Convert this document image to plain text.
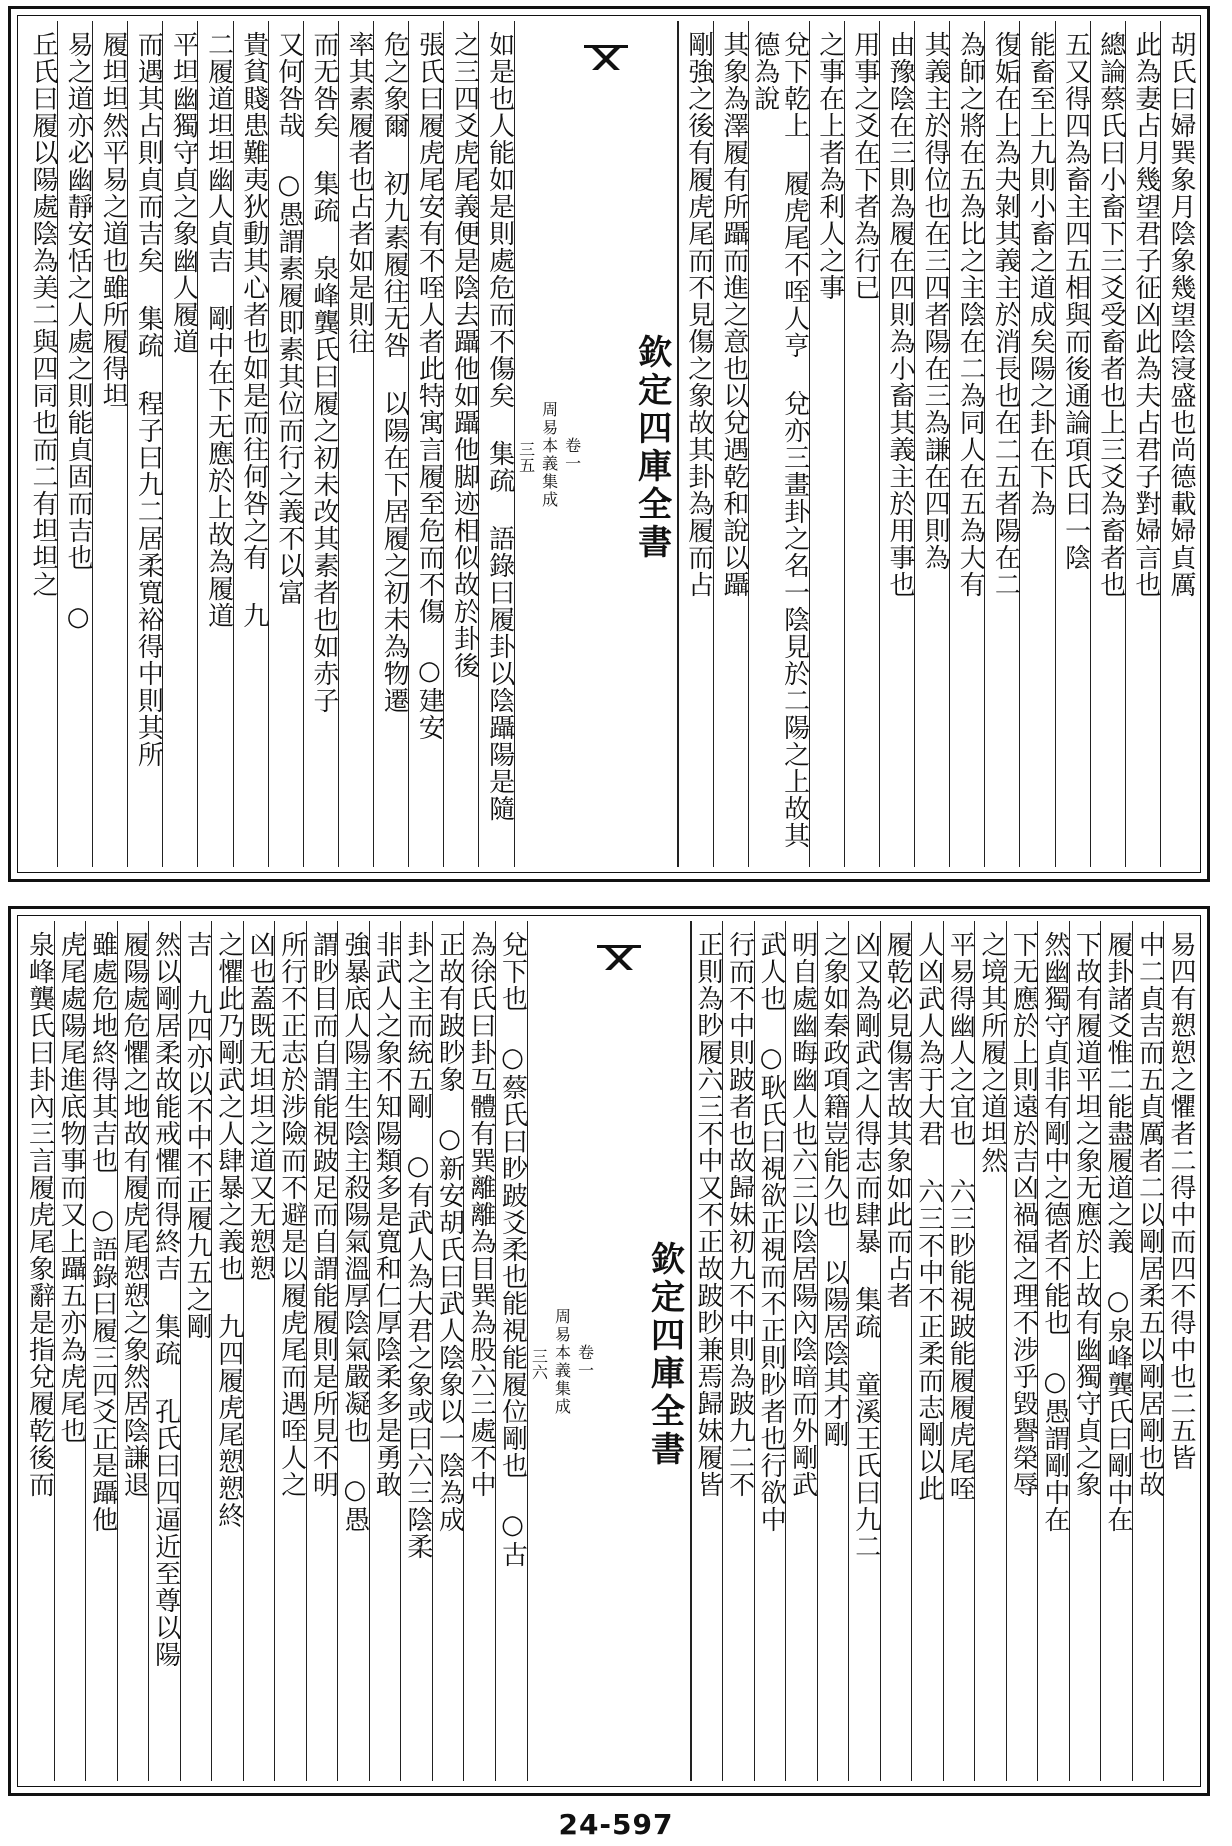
胡氏曰婦巽象月陰象幾望陰寖盛也尚德載婦貞厲
此為妻占月幾望君子征凶此為夫占君子對婦言也
總論蔡氏曰小畜下三爻受畜者也上三爻為畜者也
五又得四為畜主四五相與而後通論項氏曰一陰
能畜至上九則小畜之道成矣陽之卦在下為
復姤在上為夬剝其義主於消長也在二五者陽在二
為師之將在五為比之主陰在二為同人在五為大有
其義主於得位也在三四者陽在三為謙在四則為
由豫陰在三則為履在四則為小畜其義主於用事也
用事之爻在下者為行已
之事在上者為利人之事
兌下乾上 履虎尾不咥人亨 兌亦三畫卦之名一陰見於二陽之上故其德為說
其象為澤履有所躡而進之意也以兌遇乾和說以躡
剛強之後有履虎尾而不見傷之象故其卦為履而占
欽定四庫全書
卷一
周易本義集成
三五
如是也人能如是則處危而不傷矣 集疏 語錄曰履卦以陰躡陽是隨
之三四爻虎尾義便是陰去躡他如躡他脚迹相似故於卦後
張氏曰履虎尾安有不咥人者此特寓言履至危而不傷 ○建安
危之象爾 初九素履往无咎 以陽在下居履之初未為物遷
率其素履者也占者如是則往
而无咎矣 集疏 泉峰龔氏曰履之初未改其素者也如赤子
又何咎哉 ○愚謂素履即素其位而行之義不以富
貴貧賤患難夷狄動其心者也如是而往何咎之有 九
二履道坦坦幽人貞吉 剛中在下无應於上故為履道
平坦幽獨守貞之象幽人履道
而遇其占則貞而吉矣 集疏 程子曰九二居柔寬裕得中則其所
履坦坦然平易之道也雖所履得坦
易之道亦必幽靜安恬之人處之則能貞固而吉也 ○
丘氏曰履以陽處陰為美二與四同也而二有坦坦之
易四有愬愬之懼者二得中而四不得中也二五皆
中二貞吉而五貞厲者二以剛居柔五以剛居剛也故
履卦諸爻惟二能盡履道之義 ○泉峰龔氏曰剛中在
下故有履道平坦之象无應於上故有幽獨守貞之象
然幽獨守貞非有剛中之德者不能也 ○愚謂剛中在
下无應於上則遠於吉凶禍福之理不涉乎毀譽榮辱
之境其所履之道坦然
平易得幽人之宜也 六三眇能視跛能履履虎尾咥
人凶武人為于大君 六三不中不正柔而志剛以此
履乾必見傷害故其象如此而占者
凶又為剛武之人得志而肆暴 集疏 童溪王氏曰九二
之象如秦政項籍豈能久也 以陽居陰其才剛
明自處幽晦幽人也六三以陰居陽內陰暗而外剛武
武人也 ○耿氏曰視欲正視而不正則眇者也行欲中
行而不中則跛者也故歸妹初九不中則為跛九二不
正則為眇履六三不中又不正故跛眇兼焉歸妹履皆
欽定四庫全書
卷一
周易本義集成
三六
兌下也 ○蔡氏曰眇跛爻柔也能視能履位剛也 ○古
為徐氏曰卦互體有巽離離為目巽為股六三處不中
正故有跛眇象 ○新安胡氏曰武人陰象以一陰為成
卦之主而統五剛 ○有武人為大君之象或曰六三陰柔
非武人之象不知陽類多是寬和仁厚陰柔多是勇敢
強暴底人陽主生陰主殺陽氣溫厚陰氣嚴凝也 ○愚
謂眇目而自謂能視跛足而自謂能履則是所見不明
所行不正志於涉險而不避是以履虎尾而遇咥人之
凶也蓋既无坦坦之道又无愬愬
之懼此乃剛武之人肆暴之義也 九四履虎尾愬愬終
吉 九四亦以不中不正履九五之剛
然以剛居柔故能戒懼而得終吉 集疏 孔氏曰四逼近至尊以陽
履陽處危懼之地故有履虎尾愬愬之象然居陰謙退
雖處危地終得其吉也 ○語錄曰履三四爻正是躡他
虎尾處陽尾進底物事而又上躡五亦為虎尾也
泉峰龔氏曰卦內三言履虎尾象辭是指兌履乾後而
24-597
